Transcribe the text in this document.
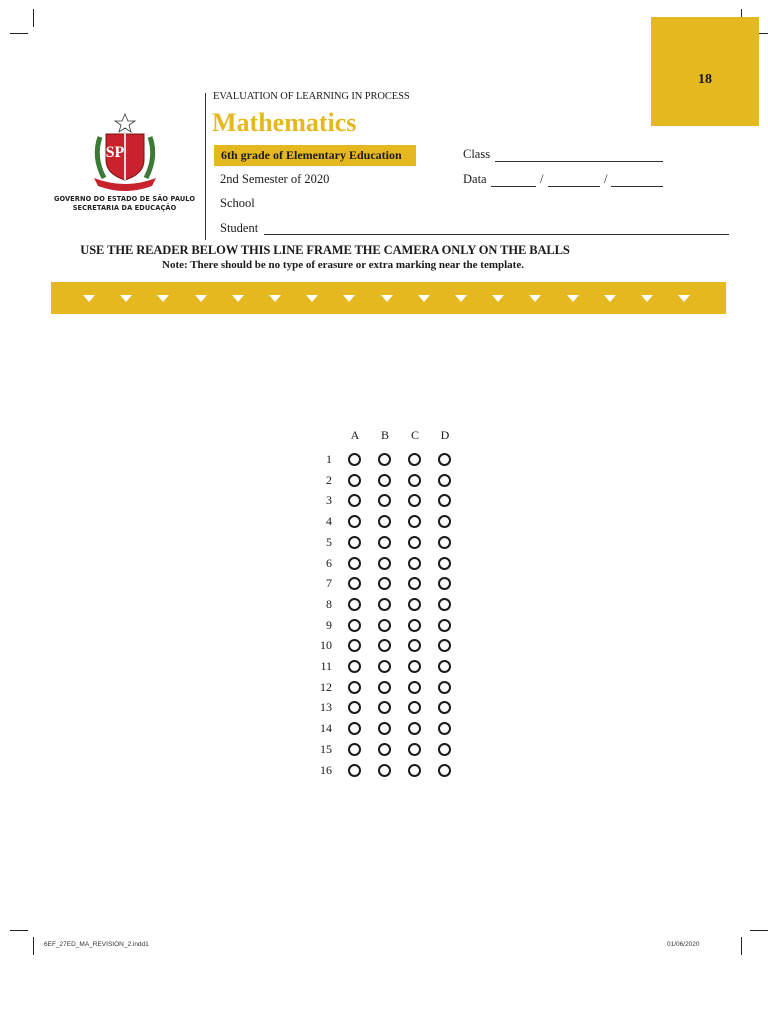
18
SP
GOVERNO DO ESTADO DE SÃO PAULO
SECRETARIA DA EDUCAÇÃO
EVALUATION OF LEARNING IN PROCESS
Mathematics
6th grade of Elementary Education
2nd Semester of 2020
School
Student
Class
Data	/	/
USE THE READER BELOW THIS LINE FRAME THE CAMERA ONLY ON THE BALLS
Note: There should be no type of erasure or extra marking near the template.
A	B	C	D
1
2
3
4
5
6
7
8
9
10
11
12
13
14
15
16
6EF_27ED_MA_REVISION_2.indd1	01/06/2020
